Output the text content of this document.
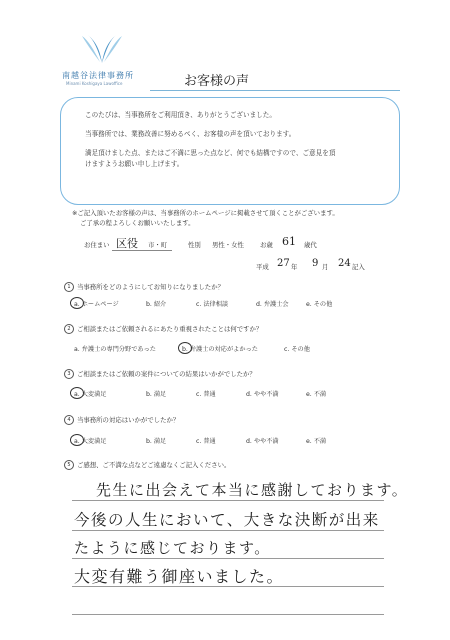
南越谷法律事務所
Minami Koshigaya Lawoffice	お客様の声

このたびは、当事務所をご利用頂き、ありがとうございました。

当事務所では、業務改善に努めるべく、お客様の声を頂いております。

満足頂けました点、またはご不満に思った点など、何でも結構ですので、ご意見を頂

けますようお願い申し上げます。

※ご記入頂いたお客様の声は、当事務所のホームページに掲載させて頂くことがございます。
ご了承の程よろしくお願いいたします。
お住まい 区役 市・町	性別 男性・女性	お歳 61 歳代
平成 27 年 9 月 24 記入
1 当事務所をどのようにしてお知りになりましたか？
a. ホームページ	b. 紹介	c. 法律相談	d. 弁護士会	e. その他
2 ご相談またはご依頼されるにあたり重視されたことは何ですか？
a. 弁護士の専門分野であった	b. 弁護士の対応がよかった	c. その他
3 ご相談またはご依頼の案件についての結果はいかがでしたか？
a. 大変満足	b. 満足	c. 普通	d. やや不満	e. 不満
4 当事務所の対応はいかがでしたか？
a. 大変満足	b. 満足	c. 普通	d. やや不満	e. 不満
5 ご感想、ご不満な点などご遠慮なくご記入ください。
先生に出会えて本当に感謝しております。
今後の人生において、大きな決断が出来
たように感じております。
大変有難う御座いました。
